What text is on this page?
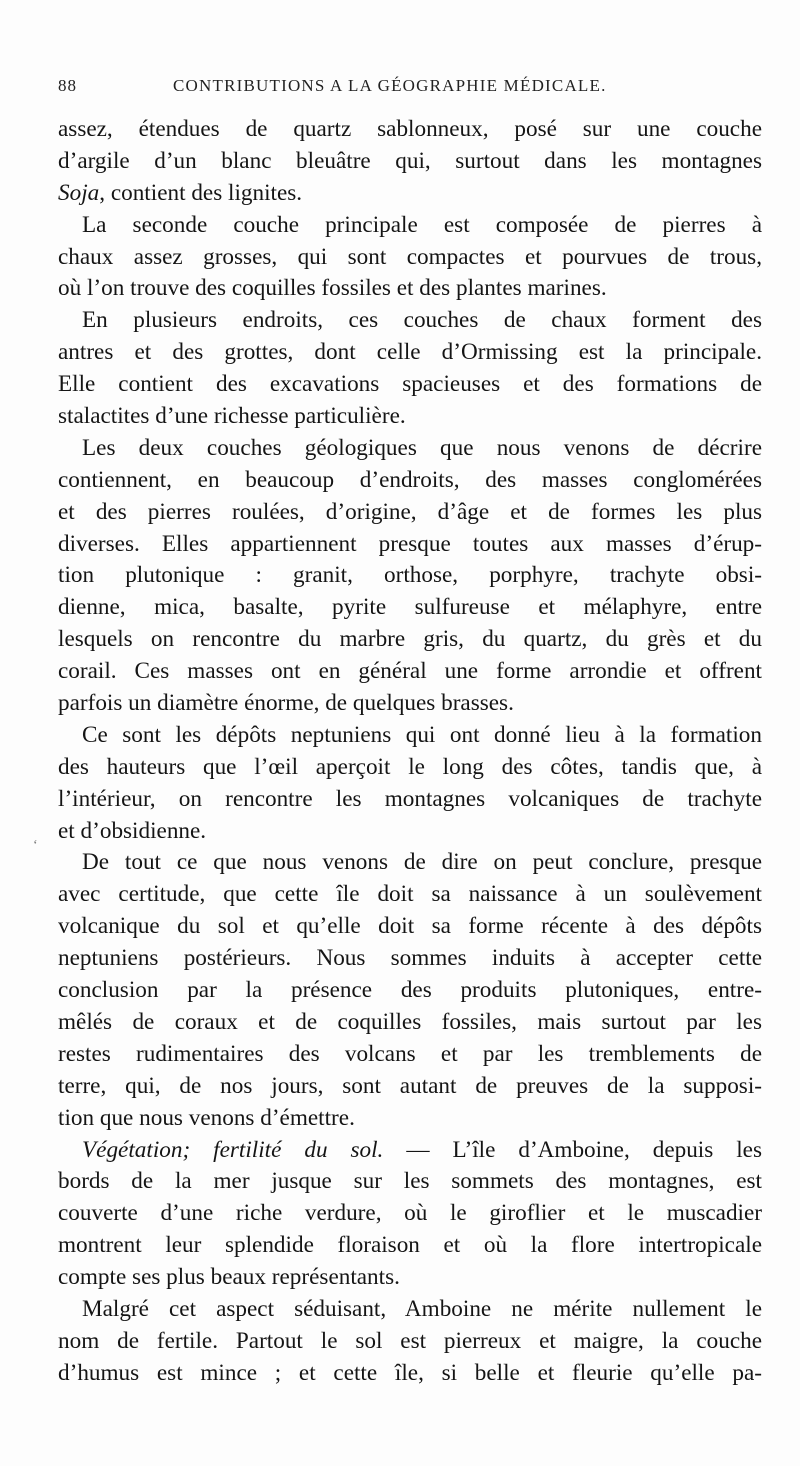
88	CONTRIBUTIONS A LA GÉOGRAPHIE MÉDICALE.
‘
assez, étendues de quartz sablonneux, posé sur une couche
d’argile d’un blanc bleuâtre qui, surtout dans les montagnes
Soja, contient des lignites.
La seconde couche principale est composée de pierres à
chaux assez grosses, qui sont compactes et pourvues de trous,
où l’on trouve des coquilles fossiles et des plantes marines.
En plusieurs endroits, ces couches de chaux forment des
antres et des grottes, dont celle d’Ormissing est la principale.
Elle contient des excavations spacieuses et des formations de
stalactites d’une richesse particulière.
Les deux couches géologiques que nous venons de décrire
contiennent, en beaucoup d’endroits, des masses conglomérées
et des pierres roulées, d’origine, d’âge et de formes les plus
diverses. Elles appartiennent presque toutes aux masses d’érup-
tion plutonique : granit, orthose, porphyre, trachyte obsi-
dienne, mica, basalte, pyrite sulfureuse et mélaphyre, entre
lesquels on rencontre du marbre gris, du quartz, du grès et du
corail. Ces masses ont en général une forme arrondie et offrent
parfois un diamètre énorme, de quelques brasses.
Ce sont les dépôts neptuniens qui ont donné lieu à la formation
des hauteurs que l’œil aperçoit le long des côtes, tandis que, à
l’intérieur, on rencontre les montagnes volcaniques de trachyte
et d’obsidienne.
De tout ce que nous venons de dire on peut conclure, presque
avec certitude, que cette île doit sa naissance à un soulèvement
volcanique du sol et qu’elle doit sa forme récente à des dépôts
neptuniens postérieurs. Nous sommes induits à accepter cette
conclusion par la présence des produits plutoniques, entre-
mêlés de coraux et de coquilles fossiles, mais surtout par les
restes rudimentaires des volcans et par les tremblements de
terre, qui, de nos jours, sont autant de preuves de la supposi-
tion que nous venons d’émettre.
Végétation; fertilité du sol. — L’île d’Amboine, depuis les
bords de la mer jusque sur les sommets des montagnes, est
couverte d’une riche verdure, où le giroflier et le muscadier
montrent leur splendide floraison et où la flore intertropicale
compte ses plus beaux représentants.
Malgré cet aspect séduisant, Amboine ne mérite nullement le
nom de fertile. Partout le sol est pierreux et maigre, la couche
d’humus est mince ; et cette île, si belle et fleurie qu’elle pa-
